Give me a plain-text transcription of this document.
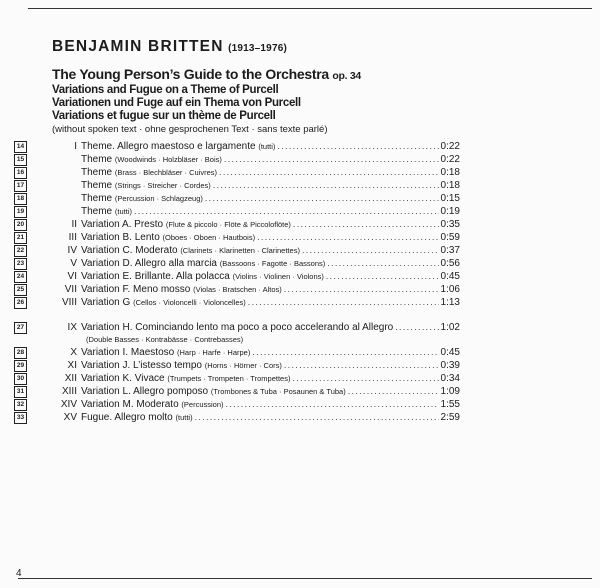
BENJAMIN BRITTEN (1913–1976)
The Young Person’s Guide to the Orchestra op. 34
Variations and Fugue on a Theme of Purcell
Variationen und Fuge auf ein Thema von Purcell
Variations et fugue sur un thème de Purcell
(without spoken text · ohne gesprochenen Text · sans texte parlé)
14	I Theme. Allegro maestoso e largamente (tutti) .....	0:22
15	Theme (Woodwinds · Holzbläser · Bois) .....	0:22
16	Theme (Brass · Blechbläser · Cuivres) .....	0:18
17	Theme (Strings · Streicher · Cordes) .....	0:18
18	Theme (Percussion · Schlagzeug) .....	0:15
19	Theme (tutti) .....	0:19
20	II Variation A. Presto (Flute & piccolo · Flöte & Piccoloflöte) .....	0:35
21	III Variation B. Lento (Oboes · Oboen · Hautbois) .....	0:59
22	IV Variation C. Moderato (Clarinets · Klarinetten · Clarinettes) .....	0:37
23	V Variation D. Allegro alla marcia (Bassoons · Fagotte · Bassons) .....	0:56
24	VI Variation E. Brillante. Alla polacca (Violins · Violinen · Violons) .....	0:45
25	VII Variation F. Meno mosso (Violas · Bratschen · Altos) .....	1:06
26	VIII Variation G (Cellos · Violoncelli · Violoncelles) .....	1:13
27	IX Variation H. Cominciando lento ma poco a poco accelerando al Allegro .....	1:02
(Double Basses · Kontrabässe · Contrebasses)
28	X Variation I. Maestoso (Harp · Harfe · Harpe) .....	0:45
29	XI Variation J. L’istesso tempo (Horns · Hörner · Cors) .....	0:39
30	XII Variation K. Vivace (Trumpets · Trompeten · Trompettes) .....	0:34
31	XIII Variation L. Allegro pomposo (Trombones & Tuba · Posaunen & Tuba) .....	1:09
32	XIV Variation M. Moderato (Percussion) .....	1:55
33	XV Fugue. Allegro molto (tutti) .....	2:59
4
